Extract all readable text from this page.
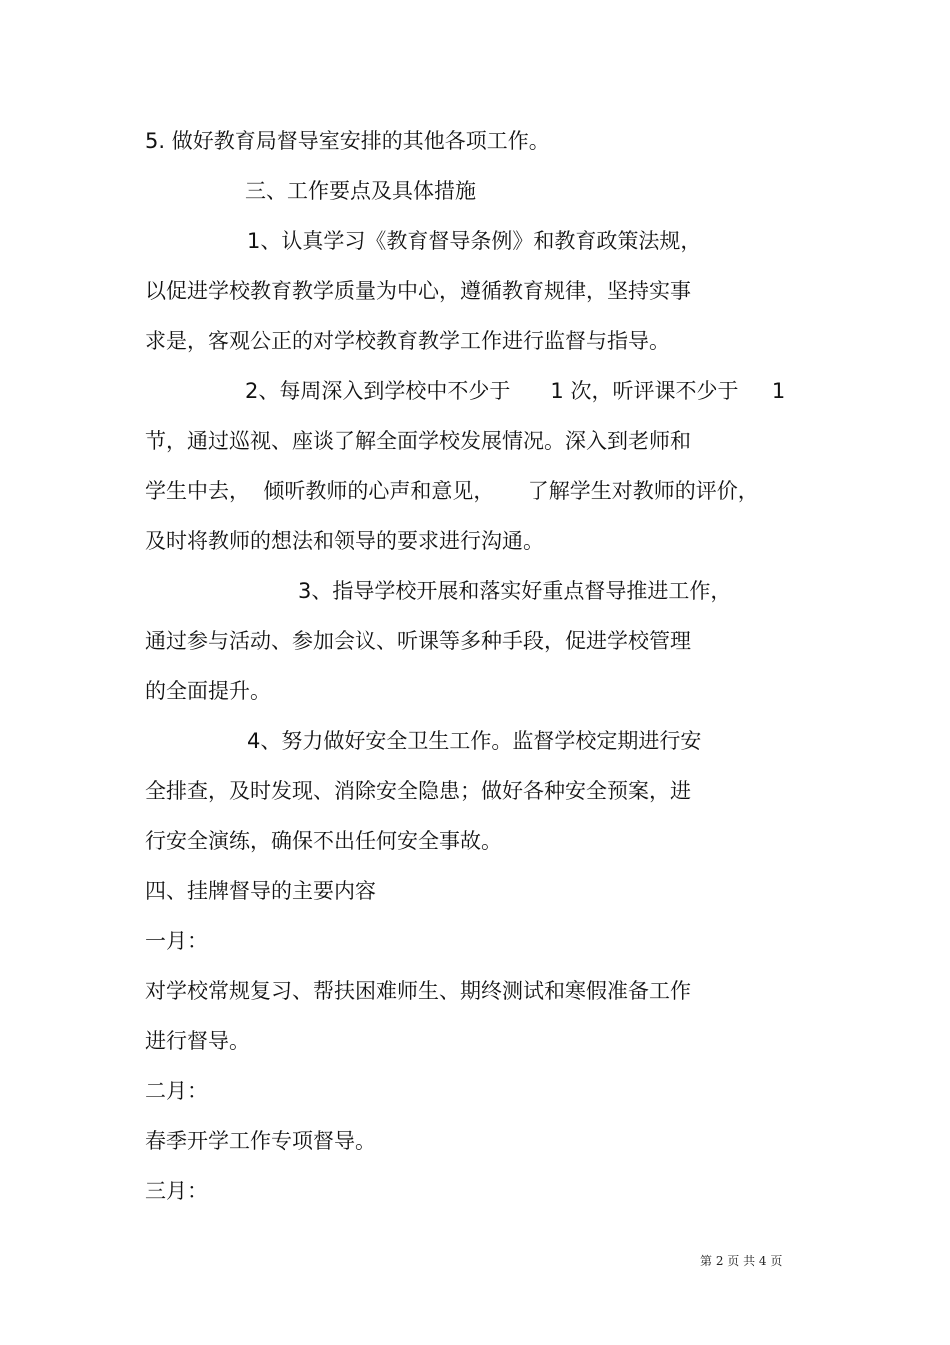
5. 做好教育局督导室安排的其他各项工作。
三、工作要点及具体措施
1、认真学习《教育督导条例》和教育政策法规，
以促进学校教育教学质量为中心，遵循教育规律，坚持实事
求是，客观公正的对学校教育教学工作进行监督与指导。
2、每周深入到学校中不少于      1 次，听评课不少于     1
节，通过巡视、座谈了解全面学校发展情况。深入到老师和
学生中去，  倾听教师的心声和意见，     了解学生对教师的评价，
及时将教师的想法和领导的要求进行沟通。
3、指导学校开展和落实好重点督导推进工作，
通过参与活动、参加会议、听课等多种手段，促进学校管理
的全面提升。
4、努力做好安全卫生工作。监督学校定期进行安
全排查，及时发现、消除安全隐患；做好各种安全预案，进
行安全演练，确保不出任何安全事故。
四、挂牌督导的主要内容
一月：
对学校常规复习、帮扶困难师生、期终测试和寒假准备工作
进行督导。
二月：
春季开学工作专项督导。
三月：
第 2 页 共 4 页
